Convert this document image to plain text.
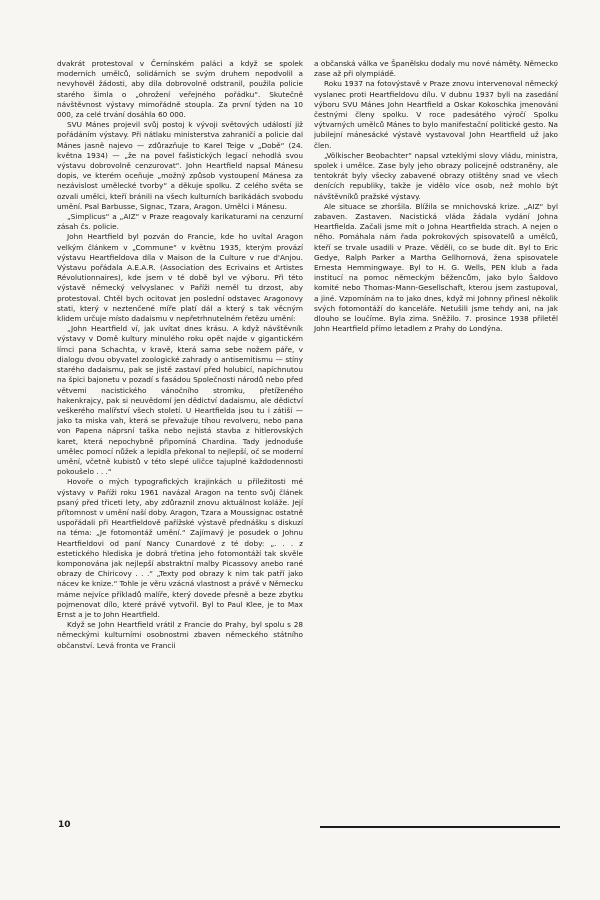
dvakrát protestoval v Černínském paláci a když se spolek moderních umělců, solidárních se svým druhem nepodvolil a nevyhověl žádosti, aby díla dobrovolně odstranil, použila policie starého šimla o „ohrožení veřejného pořádku“. Skutečně návštěvnost výstavy mimořádně stoupla. Za první týden na 10 000, za celé trvání dosáhla 60 000.

SVU Mánes projevil svůj postoj k vývoji světových událostí již pořádáním výstavy. Při nátlaku ministerstva zahraničí a policie dal Mánes jasně najevo — zdůrazňuje to Karel Teige v „Době“ (24. května 1934) — „že na povel fašistických legací nehodlá svou výstavu dobrovolně cenzurovat“. John Heartfield napsal Mánesu dopis, ve kterém oceňuje „možný způsob vystoupení Mánesa za nezávislost umělecké tvorby“ a děkuje spolku. Z celého světa se ozvali umělci, kteří bránili na všech kulturních barikádách svobodu umění. Psal Barbusse, Signac, Tzara, Aragon. Umělci i Mánesu.

„Simplicus“ a „AIZ“ v Praze reagovaly karikaturami na cenzurní zásah čs. policie.

John Heartfield byl pozván do Francie, kde ho uvítal Aragon velkým článkem v „Commune“ v květnu 1935, kterým provází výstavu Heartfieldova díla v Maison de la Culture v rue d'Anjou. Výstavu pořádala A.E.A.R. (Association des Ecrivains et Artistes Révolutionnaires), kde jsem v té době byl ve výboru. Při této výstavě německý velvyslanec v Paříži neměl tu drzost, aby protestoval. Chtěl bych ocitovat jen poslední odstavec Aragonovy stati, který v neztenčené míře platí dál a který s tak věcným klidem určuje místo dadaismu v nepřetrhnutelném řetězu umění:

„John Heartfield ví, jak uvítat dnes krásu. A když návštěvník výstavy v Domě kultury minulého roku opět najde v gigantickém límci pana Schachta, v kravě, která sama sebe nožem páře, v dialogu dvou obyvatel zoologické zahrady o antisemitismu — stíny starého dadaismu, pak se jistě zastaví před holubicí, napíchnutou na špici bajonetu v pozadí s fasádou Společnosti národů nebo před větvemi nacistického vánočního stromku, přetíženého hakenkrajcy, pak si neuvědomí jen dědictví dadaismu, ale dědictví veškerého malířství všech století. U Heartfielda jsou tu i zátiší — jako ta miska vah, která se převažuje tíhou revolveru, nebo pana von Papena náprsní taška nebo nejistá stavba z hitlerovských karet, která nepochybně připomíná Chardina. Tady jednoduše umělec pomocí nůžek a lepidla překonal to nejlepší, oč se moderní umění, včetně kubistů v této slepé uličce tajuplné každodennosti pokoušelo . . .“

Hovoře o mých typografických krajinkách u příležitosti mé výstavy v Paříži roku 1961 navázal Aragon na tento svůj článek psaný před třiceti lety, aby zdůraznil znovu aktuálnost koláže. Její přítomnost v umění naší doby. Aragon, Tzara a Moussignac ostatně uspořádali při Heartfieldově pařížské výstavě přednášku s diskuzí na téma: „Je fotomontáž umění.“ Zajímavý je posudek o Johnu Heartfieldovi od paní Nancy Cunardové z té doby: „. . . z estetického hlediska je dobrá třetina jeho fotomontáží tak skvěle komponována jak nejlepší abstraktní malby Picassovy anebo rané obrazy de Chiricovy . . .“ „Texty pod obrazy k nim tak patří jako nácev ke knize.“ Tohle je věru vzácná vlastnost a právě v Německu máme nejvíce příkladů malíře, který dovede přesně a beze zbytku pojmenovat dílo, které právě vytvořil. Byl to Paul Klee, je to Max Ernst a je to John Heartfield.

Když se John Heartfield vrátil z Francie do Prahy, byl spolu s 28 německými kulturními osobnostmi zbaven německého státního občanství. Levá fronta ve Francii

a občanská válka ve Španělsku dodaly mu nové náměty. Německo zase až při olympiádě.

Roku 1937 na fotovýstavě v Praze znovu intervenoval německý vyslanec proti Heartfieldovu dílu. V dubnu 1937 byli na zasedání výboru SVU Mánes John Heartfield a Oskar Kokoschka jmenováni čestnými členy spolku. V roce padesátého výročí Spolku výtvarných umělců Mánes to bylo manifestační politické gesto. Na jubilejní mánesácké výstavě vystavoval John Heartfield už jako člen.

„Völkischer Beobachter“ napsal vzteklými slovy vládu, ministra, spolek i umělce. Zase byly jeho obrazy policejně odstraněny, ale tentokrát byly všecky zabavené obrazy otištěny snad ve všech denících republiky, takže je vidělo více osob, než mohlo být návštěvníků pražské výstavy.

Ale situace se zhoršila. Blížila se mnichovská krize. „AIZ“ byl zabaven. Zastaven. Nacistická vláda žádala vydání Johna Heartfielda. Začali jsme mít o Johna Heartfielda strach. A nejen o něho. Pomáhala nám řada pokrokových spisovatelů a umělců, kteří se trvale usadili v Praze. Věděli, co se bude dít. Byl to Eric Gedye, Ralph Parker a Martha Gellhornová, žena spisovatele Ernesta Hemmingwaye. Byl to H. G. Wells, PEN klub a řada institucí na pomoc německým běžencům, jako bylo Šaldovo komité nebo Thomas-Mann-Gesellschaft, kterou jsem zastupoval, a jiné. Vzpomínám na to jako dnes, když mi Johnny přinesl několik svých fotomontáží do kanceláře. Netušili jsme tehdy ani, na jak dlouho se loučíme. Byla zima. Sněžilo. 7. prosince 1938 přiletěl John Heartfield přímo letadlem z Prahy do Londýna.

10
